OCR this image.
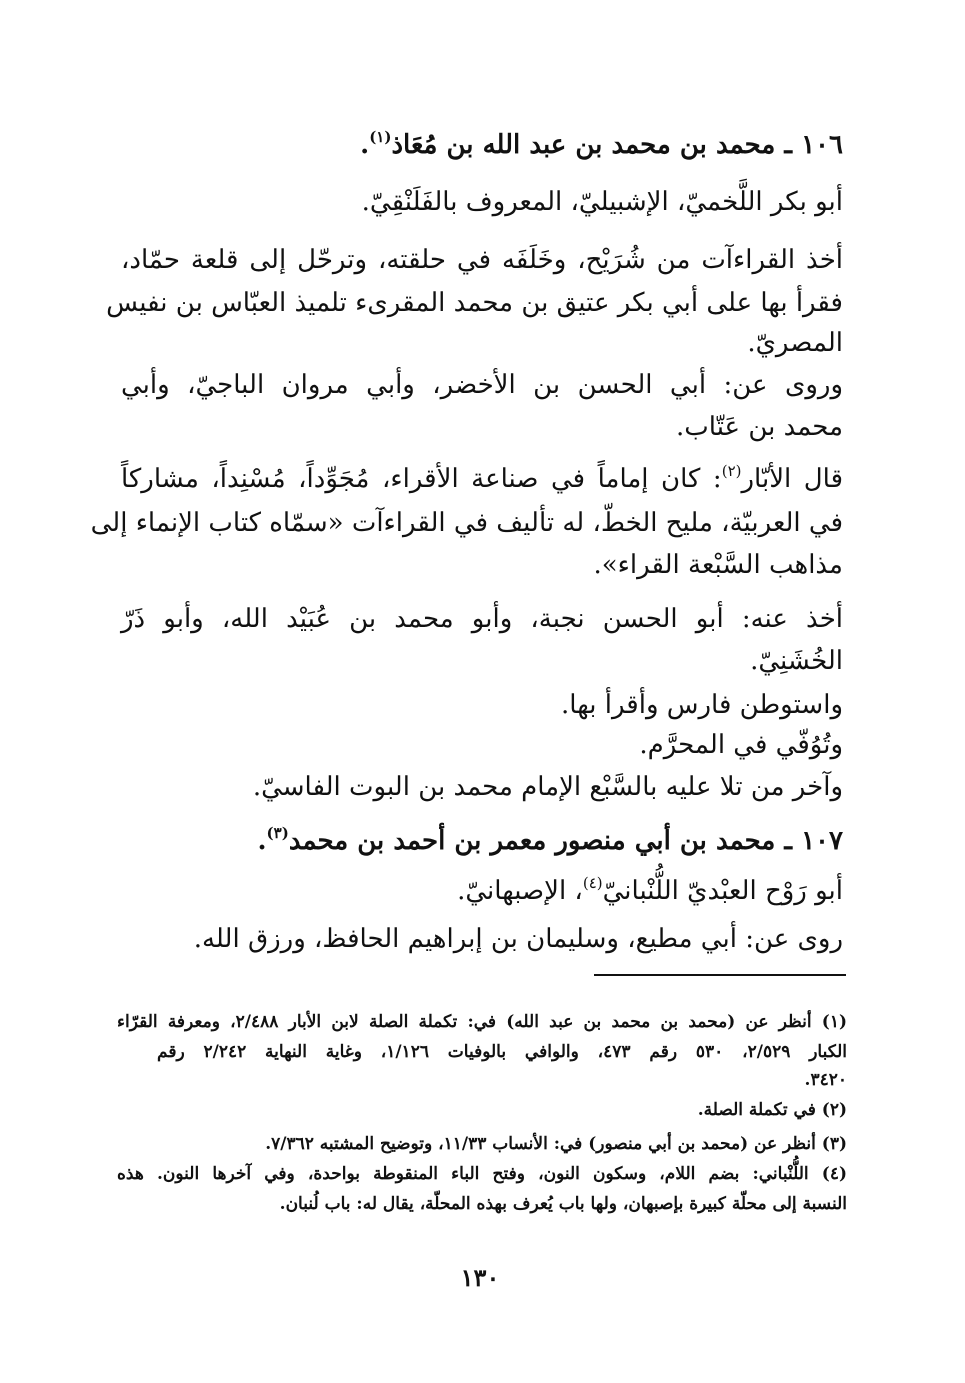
١٠٦ ـ محمد بن محمد بن عبد الله بن مُعَاذ$^{(١)}$.
أبو بكر اللَّخميّ، الإشبيليّ، المعروف بالفَلَنْقِيّ.
أخذ القراءآت من شُرَيْح، وخَلَفَه في حلقته، وترحّل إلى قلعة حمّاد،
فقرأ بها على أبي بكر عتيق بن محمد المقرىء تلميذ العبّاس بن نفيس
المصريّ.
وروى عن: أبي الحسن بن الأخضر، وأبي مروان الباجيّ، وأبي
محمد بن عَتّاب.
قال الأبّار$^{(٢)}$: كان إماماً في صناعة الأقراء، مُجَوِّداً، مُسْنِداً، مشاركاً
في العربيّة، مليح الخطّ، له تأليف في القراءآت «سمّاه كتاب الإنماء إلى
مذاهب السَّبْعة القراء».
أخذ عنه: أبو الحسن نجبة، وأبو محمد بن عُبَيْد الله، وأبو ذَرّ
الخُشَنِيّ.
واستوطن فارس وأقرأ بها.
وتُوُفّي في المحرَّم.
وآخر من تلا عليه بالسَّبْع الإمام محمد بن البوت الفاسيّ.
١٠٧ ـ محمد بن أبي منصور معمر بن أحمد بن محمد$^{(٣)}$.
أبو رَوْح العبْديّ اللُّنْبانيّ$^{(٤)}$، الإصبهانيّ.
روى عن: أبي مطيع، وسليمان بن إبراهيم الحافظ، ورزق الله.
(١) أنظر عن (محمد بن محمد بن عبد الله) في: تكملة الصلة لابن الأبار ٢/٤٨٨، ومعرفة القرّاء
الكبار ٢/٥٢٩، ٥٣٠ رقم ٤٧٣، والوافي بالوفيات ١/١٢٦، وغاية النهاية ٢/٢٤٢ رقم
٣٤٢٠.
(٢) في تكملة الصلة.
(٣) أنظر عن (محمد بن أبي منصور) في: الأنساب ١١/٣٣، وتوضيح المشتبه ٧/٣٦٢.
(٤) اللُّنْباني: بضم اللام، وسكون النون، وفتح الباء المنقوطة بواحدة، وفي آخرها النون. هذه
النسبة إلى محلّة كبيرة بإصبهان، ولها باب يُعرف بهذه المحلّة، يقال له: باب لُنبان.
١٣٠
